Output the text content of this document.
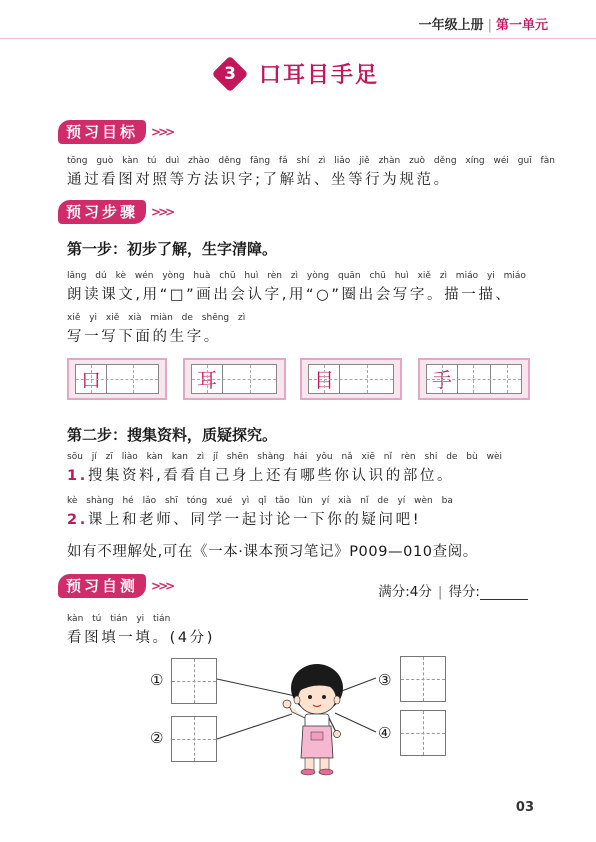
一年级上册 | 第一单元
3	口耳目手足
预习目标 >>>
tōng guò kàn tú duì zhào děng fāng fǎ shí zì liǎo jiě zhàn zuò děng xíng wéi guī fàn
通过看图对照等方法识字;了解站、坐等行为规范。
预习步骤 >>>
第一步：初步了解，生字清障。
lǎng dú kè wén yòng huà chū huì rèn zì yòng quān chū huì xiě zì miáo yi miáo
朗读课文,用“□”画出会认字,用“○”圈出会写字。描一描、
xiě yi xiě xià miàn de shēng zì
写一写下面的生字。
口	耳	目	手
第二步：搜集资料，质疑探究。
sōu jí zī liào kàn kan zì jǐ shēn shàng hái yǒu nǎ xiē nǐ rèn shi de bù wèi
1.搜集资料,看看自己身上还有哪些你认识的部位。
kè shàng hé lǎo shī tóng xué yì qǐ tǎo lùn yí xià nǐ de yí wèn ba
2.课上和老师、同学一起讨论一下你的疑问吧!
如有不理解处,可在《一本·课本预习笔记》P009—010查阅。
预习自测 >>>	满分:4分 | 得分:
kàn tú tián yi tián
看图填一填。(4分)
①
②
③
④
03
